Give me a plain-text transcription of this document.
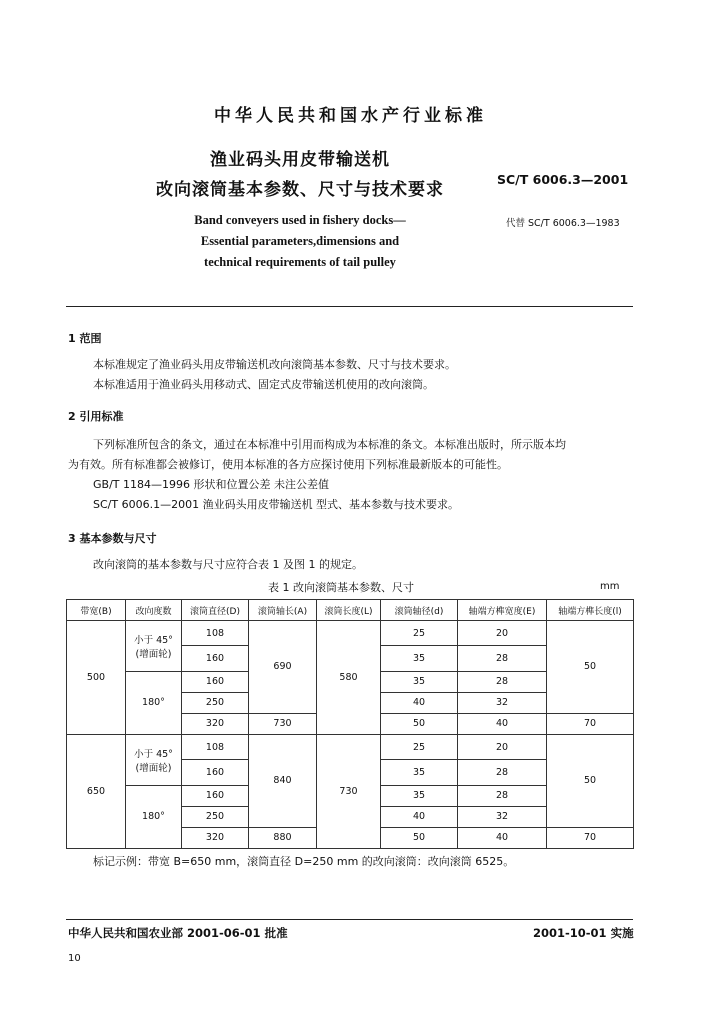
中华人民共和国水产行业标准
渔业码头用皮带输送机
改向滚筒基本参数、尺寸与技术要求
SC/T 6006.3—2001
代替 SC/T 6006.3—1983
Band conveyers used in fishery docks—
Essential parameters,dimensions and
technical requirements of tail pulley
1 范围
本标准规定了渔业码头用皮带输送机改向滚筒基本参数、尺寸与技术要求。
本标准适用于渔业码头用移动式、固定式皮带输送机使用的改向滚筒。
2 引用标准
下列标准所包含的条文，通过在本标准中引用而构成为本标准的条文。本标准出版时，所示版本均
为有效。所有标准都会被修订，使用本标准的各方应探讨使用下列标准最新版本的可能性。
GB/T 1184—1996 形状和位置公差 未注公差值
SC/T 6006.1—2001 渔业码头用皮带输送机 型式、基本参数与技术要求。
3 基本参数与尺寸
改向滚筒的基本参数与尺寸应符合表 1 及图 1 的规定。
表 1 改向滚筒基本参数、尺寸	mm
带宽(B)	改向度数	滚筒直径(D)	滚筒轴长(A)	滚筒长度(L)	滚筒轴径(d)	轴端方榫宽度(E)	轴端方榫长度(l)
500	小于 45°
(增面轮)	108	690	580	25	20	50
		160			35	28	
	180°	160			35	28	
		250			40	32	
		320	730		50	40	70
650	小于 45°
(增面轮)	108	840	730	25	20	50
		160			35	28	
	180°	160			35	28	
		250			40	32	
		320	880		50	40	70
标记示例：带宽 B=650 mm，滚筒直径 D=250 mm 的改向滚筒：改向滚筒 6525。
中华人民共和国农业部 2001-06-01 批准	2001-10-01 实施
10
